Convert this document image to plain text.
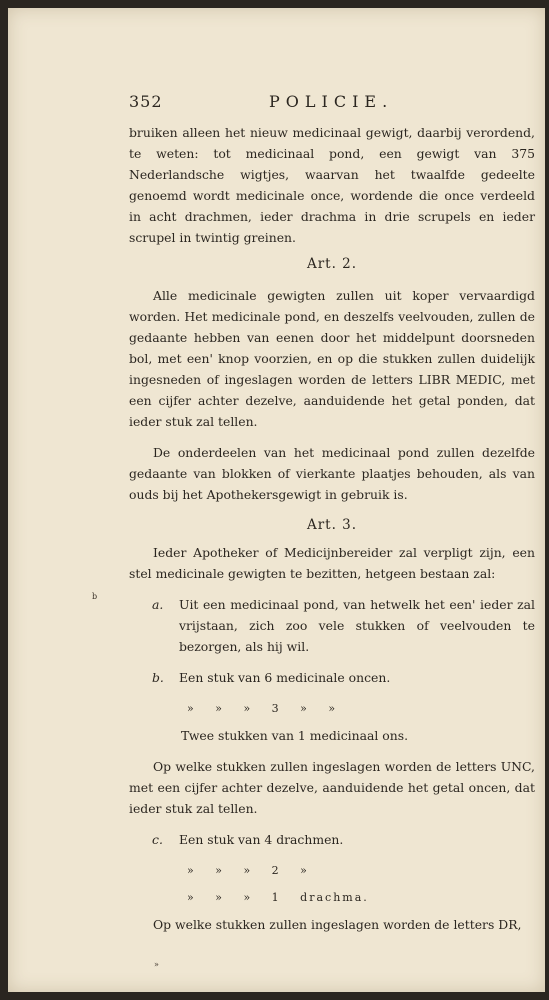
352	POLICIE.

bruiken alleen het nieuw medicinaal gewigt, daarbij verordend, te weten: tot medicinaal pond, een gewigt van 375 Nederlandsche wigtjes, waarvan het twaalfde gedeelte genoemd wordt medicinale once, wordende die once verdeeld in acht drachmen, ieder drachma in drie scrupels en ieder scrupel in twintig greinen.

Art. 2.

Alle medicinale gewigten zullen uit koper vervaardigd worden. Het medicinale pond, en deszelfs veelvouden, zullen de gedaante hebben van eenen door het middelpunt doorsneden bol, met een' knop voorzien, en op die stukken zullen duidelijk ingesneden of ingeslagen worden de letters LIBR MEDIC, met een cijfer achter dezelve, aanduidende het getal ponden, dat ieder stuk zal tellen.

De onderdeelen van het medicinaal pond zullen dezelfde gedaante van blokken of vierkante plaatjes behouden, als van ouds bij het Apothekersgewigt in gebruik is.

Art. 3.

Ieder Apotheker of Medicijnbereider zal verpligt zijn, een stel medicinale gewigten te bezitten, hetgeen bestaan zal:

a. Uit een medicinaal pond, van hetwelk het een' ieder zal vrijstaan, zich zoo vele stukken of veelvouden te bezorgen, als hij wil.

b. Een stuk van 6 medicinale oncen.

» » » 3 » »

Twee stukken van 1 medicinaal ons.

Op welke stukken zullen ingeslagen worden de letters UNC, met een cijfer achter dezelve, aanduidende het getal oncen, dat ieder stuk zal tellen.

c. Een stuk van 4 drachmen.

» » » 2 »

» » » 1 drachma.

Op welke stukken zullen ingeslagen worden de letters DR,

b
»
